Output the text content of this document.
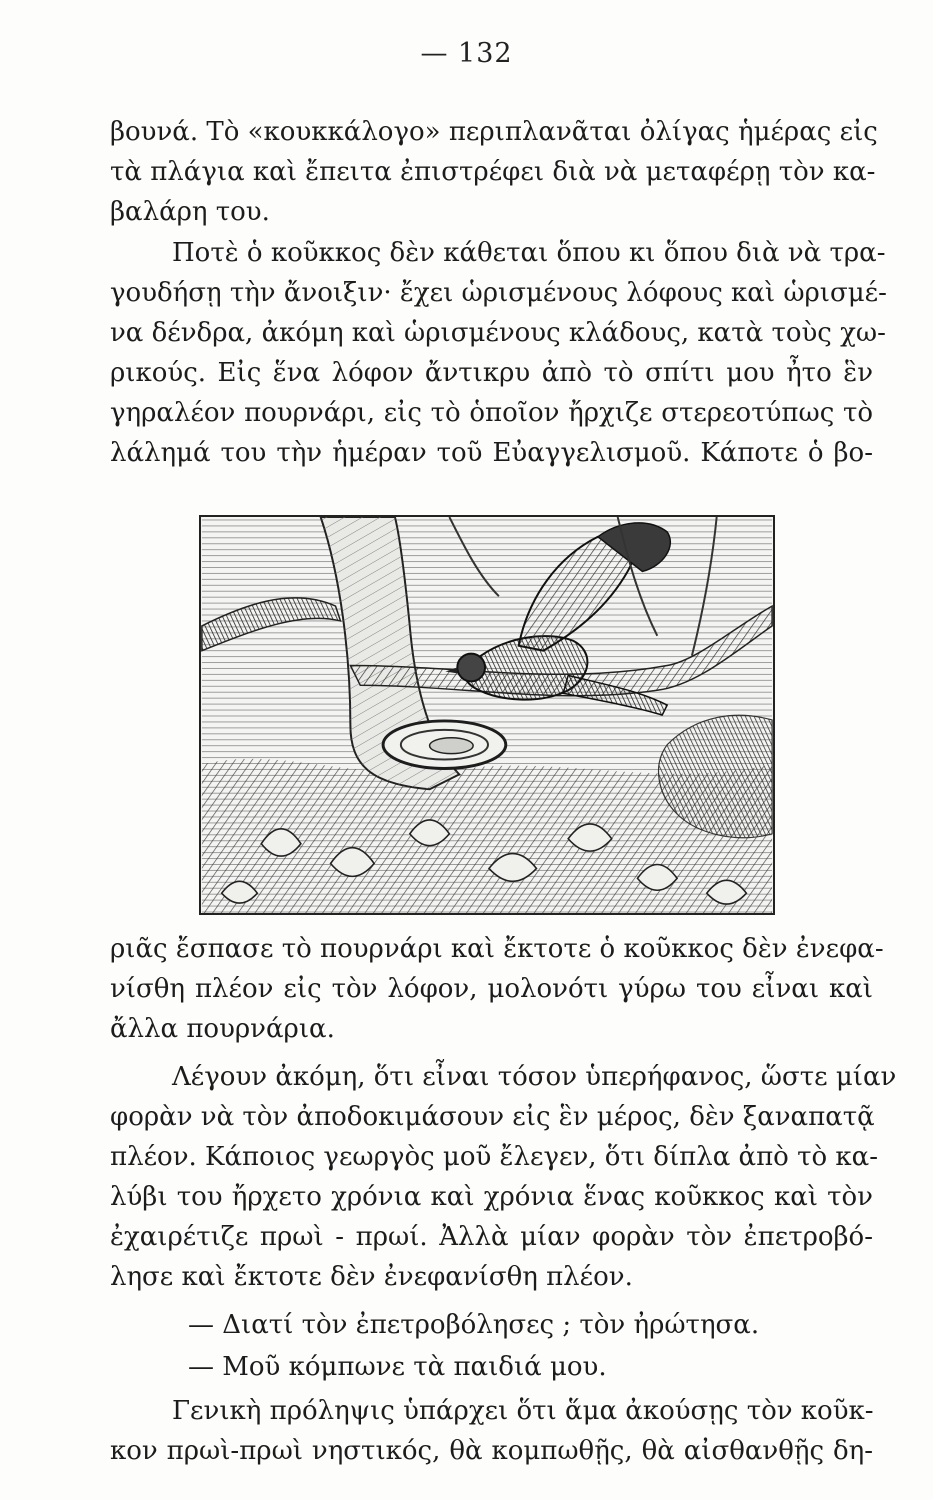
— 132
βουνά. Τὸ «κουκκάλογο» περιπλανᾶται ὀλίγας ἡμέρας εἰς
τὰ πλάγια καὶ ἔπειτα ἐπιστρέφει διὰ νὰ μεταφέρῃ τὸν κα-
βαλάρη του.
Ποτὲ ὁ κοῦκκος δὲν κάθεται ὅπου κι ὅπου διὰ νὰ τρα-
γουδήσῃ τὴν ἄνοιξιν· ἔχει ὡρισμένους λόφους καὶ ὡρισμέ-
να δένδρα, ἀκόμη καὶ ὡρισμένους κλάδους, κατὰ τοὺς χω-
ρικούς. Εἰς ἕνα λόφον ἄντικρυ ἀπὸ τὸ σπίτι μου ἦτο ἓν
γηραλέον πουρνάρι, εἰς τὸ ὁποῖον ἤρχιζε στερεοτύπως τὸ
λάλημά του τὴν ἡμέραν τοῦ Εὐαγγελισμοῦ. Κάποτε ὁ βο-
ριᾶς ἔσπασε τὸ πουρνάρι καὶ ἔκτοτε ὁ κοῦκκος δὲν ἐνεφα-
νίσθη πλέον εἰς τὸν λόφον, μολονότι γύρω του εἶναι καὶ
ἄλλα πουρνάρια.
Λέγουν ἀκόμη, ὅτι εἶναι τόσον ὑπερήφανος, ὥστε μίαν
φορὰν νὰ τὸν ἀποδοκιμάσουν εἰς ἓν μέρος, δὲν ξαναπατᾷ
πλέον. Κάποιος γεωργὸς μοῦ ἔλεγεν, ὅτι δίπλα ἀπὸ τὸ κα-
λύβι του ἤρχετο χρόνια καὶ χρόνια ἕνας κοῦκκος καὶ τὸν
ἐχαιρέτιζε πρωὶ - πρωί. Ἀλλὰ μίαν φορὰν τὸν ἐπετροβό-
λησε καὶ ἔκτοτε δὲν ἐνεφανίσθη πλέον.
— Διατί τὸν ἐπετροβόλησες ; τὸν ἠρώτησα.
— Μοῦ κόμπωνε τὰ παιδιά μου.
Γενικὴ πρόληψις ὑπάρχει ὅτι ἅμα ἀκούσῃς τὸν κοῦκ-
κον πρωὶ-πρωὶ νηστικός, θὰ κομπωθῇς, θὰ αἰσθανθῇς δη-
